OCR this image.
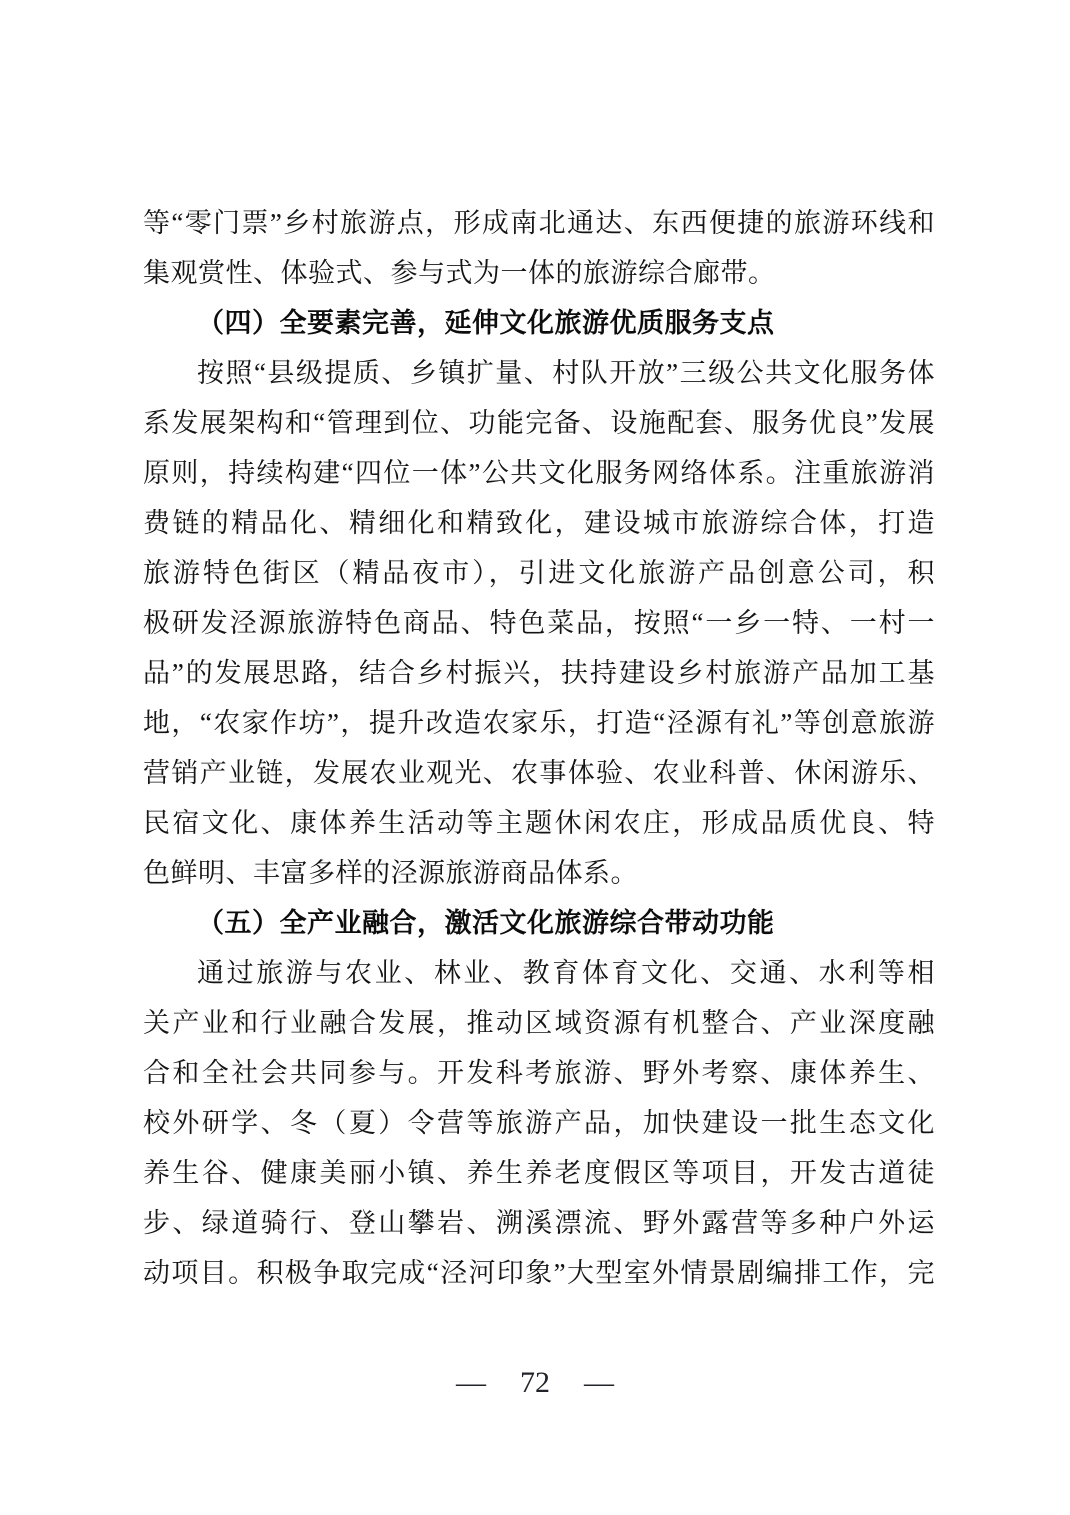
等“零门票”乡村旅游点，形成南北通达、东西便捷的旅游环线和
集观赏性、体验式、参与式为一体的旅游综合廊带。
（四）全要素完善，延伸文化旅游优质服务支点
按照“县级提质、乡镇扩量、村队开放”三级公共文化服务体
系发展架构和“管理到位、功能完备、设施配套、服务优良”发展
原则，持续构建“四位一体”公共文化服务网络体系。注重旅游消
费链的精品化、精细化和精致化，建设城市旅游综合体，打造
旅游特色街区（精品夜市），引进文化旅游产品创意公司，积
极研发泾源旅游特色商品、特色菜品，按照“一乡一特、一村一
品”的发展思路，结合乡村振兴，扶持建设乡村旅游产品加工基
地，“农家作坊”，提升改造农家乐，打造“泾源有礼”等创意旅游
营销产业链，发展农业观光、农事体验、农业科普、休闲游乐、
民宿文化、康体养生活动等主题休闲农庄，形成品质优良、特
色鲜明、丰富多样的泾源旅游商品体系。
（五）全产业融合，激活文化旅游综合带动功能
通过旅游与农业、林业、教育体育文化、交通、水利等相
关产业和行业融合发展，推动区域资源有机整合、产业深度融
合和全社会共同参与。开发科考旅游、野外考察、康体养生、
校外研学、冬（夏）令营等旅游产品，加快建设一批生态文化
养生谷、健康美丽小镇、养生养老度假区等项目，开发古道徒
步、绿道骑行、登山攀岩、溯溪漂流、野外露营等多种户外运
动项目。积极争取完成“泾河印象”大型室外情景剧编排工作，完
— 72 —
